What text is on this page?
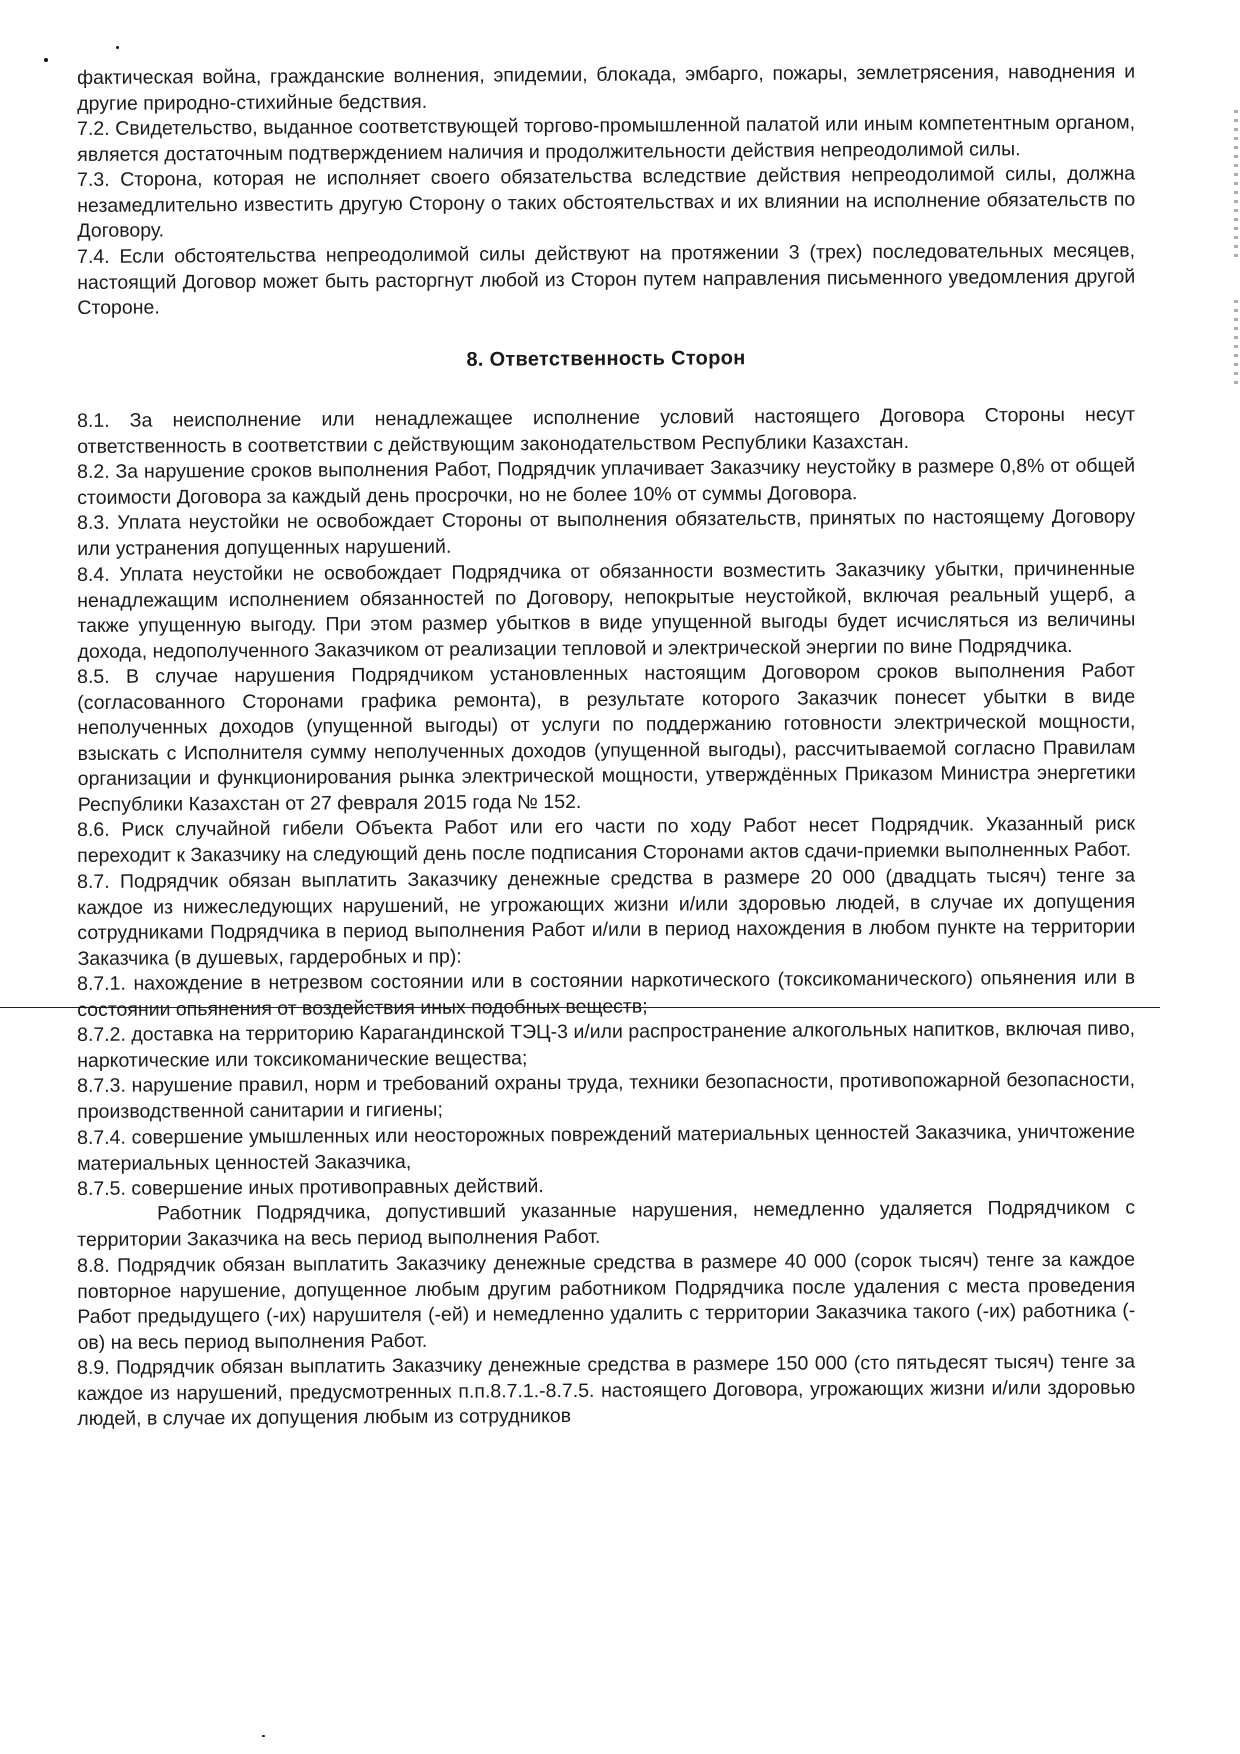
фактическая война, гражданские волнения, эпидемии, блокада, эмбарго, пожары, землетрясения, наводнения и другие природно-стихийные бедствия.

7.2. Свидетельство, выданное соответствующей торгово-промышленной палатой или иным компетентным органом, является достаточным подтверждением наличия и продолжительности действия непреодолимой силы.

7.3. Сторона, которая не исполняет своего обязательства вследствие действия непреодолимой силы, должна незамедлительно известить другую Сторону о таких обстоятельствах и их влиянии на исполнение обязательств по Договору.

7.4. Если обстоятельства непреодолимой силы действуют на протяжении 3 (трех) последовательных месяцев, настоящий Договор может быть расторгнут любой из Сторон путем направления письменного уведомления другой Стороне.

8. Ответственность Сторон

8.1. За неисполнение или ненадлежащее исполнение условий настоящего Договора Стороны несут ответственность в соответствии с действующим законодательством Республики Казахстан.

8.2. За нарушение сроков выполнения Работ, Подрядчик уплачивает Заказчику неустойку в размере 0,8% от общей стоимости Договора за каждый день просрочки, но не более 10% от суммы Договора.

8.3. Уплата неустойки не освобождает Стороны от выполнения обязательств, принятых по настоящему Договору или устранения допущенных нарушений.

8.4. Уплата неустойки не освобождает Подрядчика от обязанности возместить Заказчику убытки, причиненные ненадлежащим исполнением обязанностей по Договору, непокрытые неустойкой, включая реальный ущерб, а также упущенную выгоду. При этом размер убытков в виде упущенной выгоды будет исчисляться из величины дохода, недополученного Заказчиком от реализации тепловой и электрической энергии по вине Подрядчика.

8.5. В случае нарушения Подрядчиком установленных настоящим Договором сроков выполнения Работ (согласованного Сторонами графика ремонта), в результате которого Заказчик понесет убытки в виде неполученных доходов (упущенной выгоды) от услуги по поддержанию готовности электрической мощности, взыскать с Исполнителя сумму неполученных доходов (упущенной выгоды), рассчитываемой согласно Правилам организации и функционирования рынка электрической мощности, утверждённых Приказом Министра энергетики Республики Казахстан от 27 февраля 2015 года № 152.

8.6. Риск случайной гибели Объекта Работ или его части по ходу Работ несет Подрядчик. Указанный риск переходит к Заказчику на следующий день после подписания Сторонами актов сдачи-приемки выполненных Работ.

8.7. Подрядчик обязан выплатить Заказчику денежные средства в размере 20 000 (двадцать тысяч) тенге за каждое из нижеследующих нарушений, не угрожающих жизни и/или здоровью людей, в случае их допущения сотрудниками Подрядчика в период выполнения Работ и/или в период нахождения в любом пункте на территории Заказчика (в душевых, гардеробных и пр):

8.7.1. нахождение в нетрезвом состоянии или в состоянии наркотического (токсикоманического) опьянения или в состоянии опьянения от воздействия иных подобных веществ;

8.7.2. доставка на территорию Карагандинской ТЭЦ-3 и/или распространение алкогольных напитков, включая пиво, наркотические или токсикоманические вещества;

8.7.3. нарушение правил, норм и требований охраны труда, техники безопасности, противопожарной безопасности, производственной санитарии и гигиены;

8.7.4. совершение умышленных или неосторожных повреждений материальных ценностей Заказчика, уничтожение материальных ценностей Заказчика,

8.7.5. совершение иных противоправных действий.

Работник Подрядчика, допустивший указанные нарушения, немедленно удаляется Подрядчиком с территории Заказчика на весь период выполнения Работ.

8.8. Подрядчик обязан выплатить Заказчику денежные средства в размере 40 000 (сорок тысяч) тенге за каждое повторное нарушение, допущенное любым другим работником Подрядчика после удаления с места проведения Работ предыдущего (-их) нарушителя (-ей) и немедленно удалить с территории Заказчика такого (-их) работника (-ов) на весь период выполнения Работ.

8.9. Подрядчик обязан выплатить Заказчику денежные средства в размере 150 000 (сто пятьдесят тысяч) тенге за каждое из нарушений, предусмотренных п.п.8.7.1.-8.7.5. настоящего Договора, угрожающих жизни и/или здоровью людей, в случае их допущения любым из сотрудников
